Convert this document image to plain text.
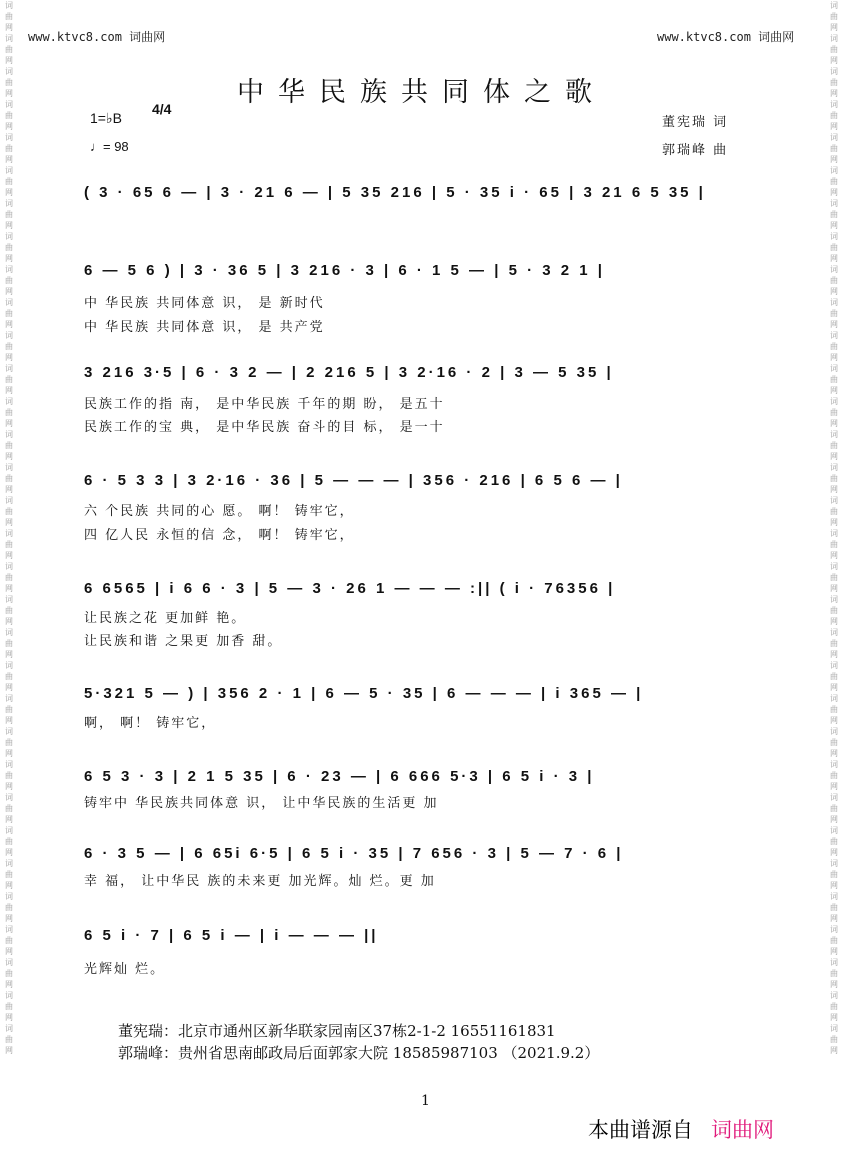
词曲网词曲网词曲网词曲网词曲网词曲网词曲网词曲网词曲网词曲网词曲网词曲网词曲网词曲网词曲网词曲网词曲网词曲网词曲网词曲网词曲网词曲网词曲网词曲网词曲网词曲网词曲网词曲网词曲网词曲网词曲网词曲网
词曲网词曲网词曲网词曲网词曲网词曲网词曲网词曲网词曲网词曲网词曲网词曲网词曲网词曲网词曲网词曲网词曲网词曲网词曲网词曲网词曲网词曲网词曲网词曲网词曲网词曲网词曲网词曲网词曲网词曲网词曲网词曲网
www.ktvc8.com 词曲网	www.ktvc8.com 词曲网
中华民族共同体之歌
1=♭B
4/4
♩= 98
董宪瑞 词
郭瑞峰 曲
( 3 · 65 6 — | 3 · 21 6 — | 5 35 216 | 5 · 35 i · 65 | 3 21 6 5 35 |
6 — 5 6 ) | 3 · 36 5 | 3 216 · 3 | 6 · 1 5 — | 5 · 3 2 1 |
中 华民族 共同体意 识， 是 新时代
中 华民族 共同体意 识， 是 共产党
3 216 3·5 | 6 · 3 2 — | 2 216 5 | 3 2·16 · 2 | 3 — 5 35 |
民族工作的指 南， 是中华民族 千年的期 盼， 是五十
民族工作的宝 典， 是中华民族 奋斗的目 标， 是一十
6 · 5 3 3 | 3 2·16 · 36 | 5 — — — | 356 · 216 | 6 5 6 — |
六 个民族 共同的心 愿。 啊！ 铸牢它，
四 亿人民 永恒的信 念， 啊！ 铸牢它，
6 6565 | i 6 6 · 3 | 5 — 3 · 26 1 — — — :|| ( i · 76356 |
让民族之花 更加鲜 艳。
让民族和谐 之果更 加香 甜。
5·321 5 — ) | 356 2 · 1 | 6 — 5 · 35 | 6 — — — | i 365 — |
啊， 啊！ 铸牢它，
6 5 3 · 3 | 2 1 5 35 | 6 · 23 — | 6 666 5·3 | 6 5 i · 3 |
铸牢中 华民族共同体意 识， 让中华民族的生活更 加
6 · 3 5 — | 6 65i 6·5 | 6 5 i · 35 | 7 656 · 3 | 5 — 7 · 6 |
幸 福， 让中华民 族的未来更 加光辉。灿 烂。更 加
6 5 i · 7 | 6 5 i — | i — — — ||
光辉灿 烂。
董宪瑞：北京市通州区新华联家园南区37栋2-1-2 16551161831
郭瑞峰：贵州省思南邮政局后面郭家大院 18585987103 （2021.9.2）
1
本曲谱源自 词曲网
